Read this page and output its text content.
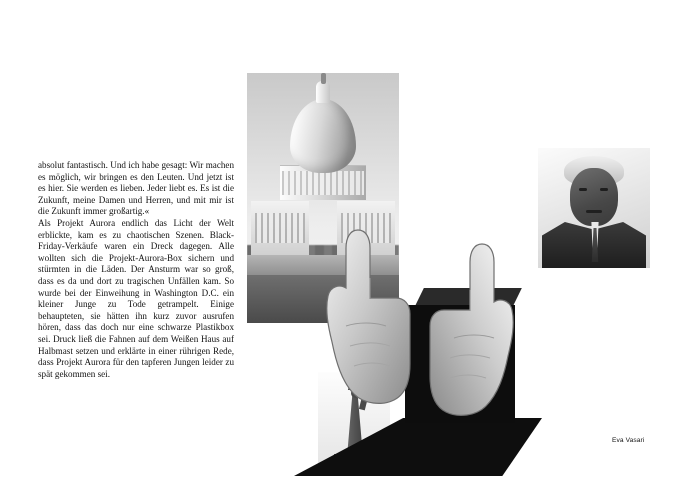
absolut fantastisch. Und ich habe gesagt: Wir machen es möglich, wir bringen es den Leuten. Und jetzt ist es hier. Sie werden es lieben. Jeder liebt es. Es ist die Zukunft, meine Damen und Herren, und mit mir ist die Zukunft immer großartig.«

Als Projekt Aurora endlich das Licht der Welt erblickte, kam es zu chaotischen Szenen. Black-Friday-Verkäufe waren ein Dreck dagegen. Alle wollten sich die Projekt-Aurora-Box sichern und stürmten in die Läden. Der Ansturm war so groß, dass es da und dort zu tragischen Unfällen kam. So wurde bei der Einweihung in Washington D.C. ein kleiner Junge zu Tode getrampelt. Einige behaupteten, sie hätten ihn kurz zuvor ausrufen hören, dass das doch nur eine schwarze Plastikbox sei. Druck ließ die Fahnen auf dem Weißen Haus auf Halbmast setzen und erklärte in einer rührigen Rede, dass Projekt Aurora für den tapferen Jungen leider zu spät gekommen sei.

Eva Vasari
